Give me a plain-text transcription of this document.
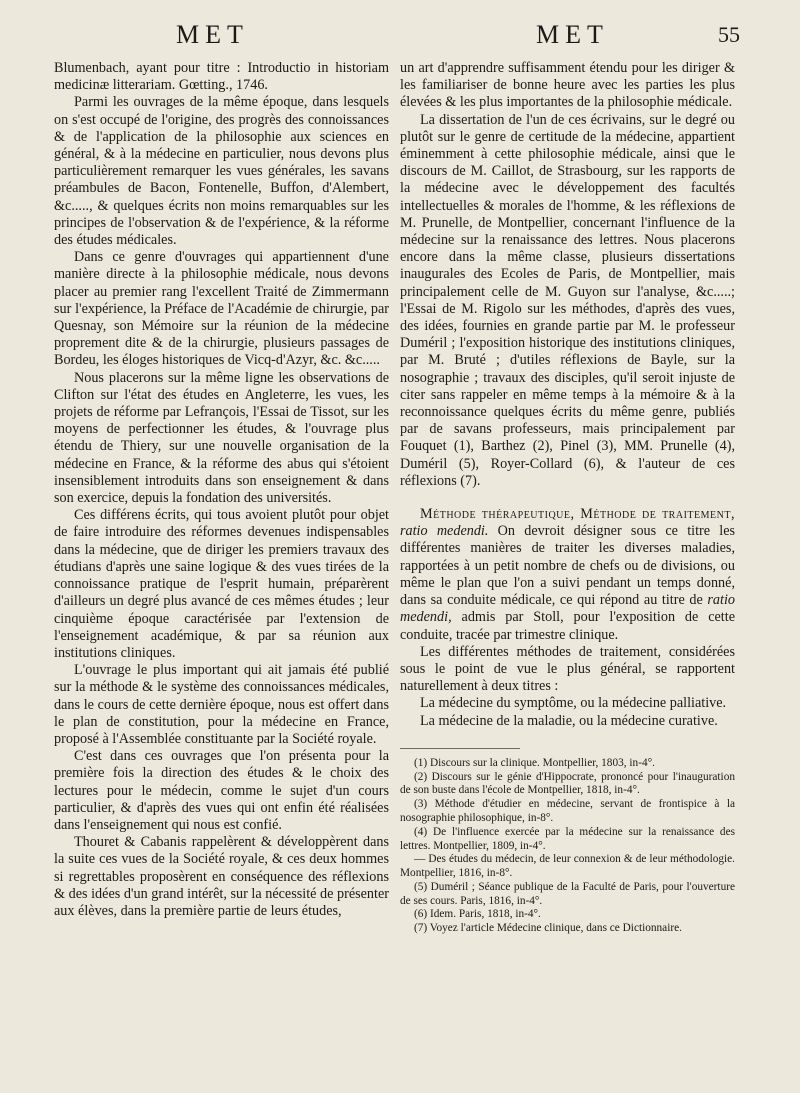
MET	MET	55

Blumenbach, ayant pour titre : Introductio in historiam medicinæ litterariam. Gœtting., 1746.

Parmi les ouvrages de la même époque, dans lesquels on s'est occupé de l'origine, des progrès des connoissances & de l'application de la philosophie aux sciences en général, & à la médecine en particulier, nous devons plus particulièrement remarquer les vues générales, les savans préambules de Bacon, Fontenelle, Buffon, d'Alembert, &c....., & quelques écrits non moins remarquables sur les principes de l'observation & de l'expérience, & la réforme des études médicales.

Dans ce genre d'ouvrages qui appartiennent d'une manière directe à la philosophie médicale, nous devons placer au premier rang l'excellent Traité de Zimmermann sur l'expérience, la Préface de l'Académie de chirurgie, par Quesnay, son Mémoire sur la réunion de la médecine proprement dite & de la chirurgie, plusieurs passages de Bordeu, les éloges historiques de Vicq-d'Azyr, &c. &c.....

Nous placerons sur la même ligne les observations de Clifton sur l'état des études en Angleterre, les vues, les projets de réforme par Lefrançois, l'Essai de Tissot, sur les moyens de perfectionner les études, & l'ouvrage plus étendu de Thiery, sur une nouvelle organisation de la médecine en France, & la réforme des abus qui s'étoient insensiblement introduits dans son enseignement & dans son exercice, depuis la fondation des universités.

Ces différens écrits, qui tous avoient plutôt pour objet de faire introduire des réformes devenues indispensables dans la médecine, que de diriger les premiers travaux des étudians d'après une saine logique & des vues tirées de la connoissance pratique de l'esprit humain, préparèrent d'ailleurs un degré plus avancé de ces mêmes études ; leur cinquième époque caractérisée par l'extension de l'enseignement académique, & par sa réunion aux institutions cliniques.

L'ouvrage le plus important qui ait jamais été publié sur la méthode & le système des connoissances médicales, dans le cours de cette dernière époque, nous est offert dans le plan de constitution, pour la médecine en France, proposé à l'Assemblée constituante par la Société royale.

C'est dans ces ouvrages que l'on présenta pour la première fois la direction des études & le choix des lectures pour le médecin, comme le sujet d'un cours particulier, & d'après des vues qui ont enfin été réalisées dans l'enseignement qui nous est confié.

Thouret & Cabanis rappelèrent & développèrent dans la suite ces vues de la Société royale, & ces deux hommes si regrettables proposèrent en conséquence des réflexions & des idées d'un grand intérêt, sur la nécessité de présenter aux élèves, dans la première partie de leurs études,

un art d'apprendre suffisamment étendu pour les diriger & les familiariser de bonne heure avec les parties les plus élevées & les plus importantes de la philosophie médicale.

La dissertation de l'un de ces écrivains, sur le degré ou plutôt sur le genre de certitude de la médecine, appartient éminemment à cette philosophie médicale, ainsi que le discours de M. Caillot, de Strasbourg, sur les rapports de la médecine avec le développement des facultés intellectuelles & morales de l'homme, & les réflexions de M. Prunelle, de Montpellier, concernant l'influence de la médecine sur la renaissance des lettres. Nous placerons encore dans la même classe, plusieurs dissertations inaugurales des Ecoles de Paris, de Montpellier, mais principalement celle de M. Guyon sur l'analyse, &c.....; l'Essai de M. Rigolo sur les méthodes, d'après des vues, des idées, fournies en grande partie par M. le professeur Duméril ; l'exposition historique des institutions cliniques, par M. Bruté ; d'utiles réflexions de Bayle, sur la nosographie ; travaux des disciples, qu'il seroit injuste de citer sans rappeler en même temps à la mémoire & à la reconnoissance quelques écrits du même genre, publiés par de savans professeurs, mais principalement par Fouquet (1), Barthez (2), Pinel (3), MM. Prunelle (4), Duméril (5), Royer-Collard (6), & l'auteur de ces réflexions (7).

Méthode thérapeutique, Méthode de traitement, ratio medendi. On devroit désigner sous ce titre les différentes manières de traiter les diverses maladies, rapportées à un petit nombre de chefs ou de divisions, ou même le plan que l'on a suivi pendant un temps donné, dans sa conduite médicale, ce qui répond au titre de ratio medendi, admis par Stoll, pour l'exposition de cette conduite, tracée par trimestre clinique.

Les différentes méthodes de traitement, considérées sous le point de vue le plus général, se rapportent naturellement à deux titres :

La médecine du symptôme, ou la médecine palliative.

La médecine de la maladie, ou la médecine curative.

(1) Discours sur la clinique. Montpellier, 1803, in-4°.

(2) Discours sur le génie d'Hippocrate, prononcé pour l'inauguration de son buste dans l'école de Montpellier, 1818, in-4°.

(3) Méthode d'étudier en médecine, servant de frontispice à la nosographie philosophique, in-8°.

(4) De l'influence exercée par la médecine sur la renaissance des lettres. Montpellier, 1809, in-4°.

— Des études du médecin, de leur connexion & de leur méthodologie. Montpellier, 1816, in-8°.

(5) Duméril ; Séance publique de la Faculté de Paris, pour l'ouverture de ses cours. Paris, 1816, in-4°.

(6) Idem. Paris, 1818, in-4°.

(7) Voyez l'article Médecine clinique, dans ce Dictionnaire.
